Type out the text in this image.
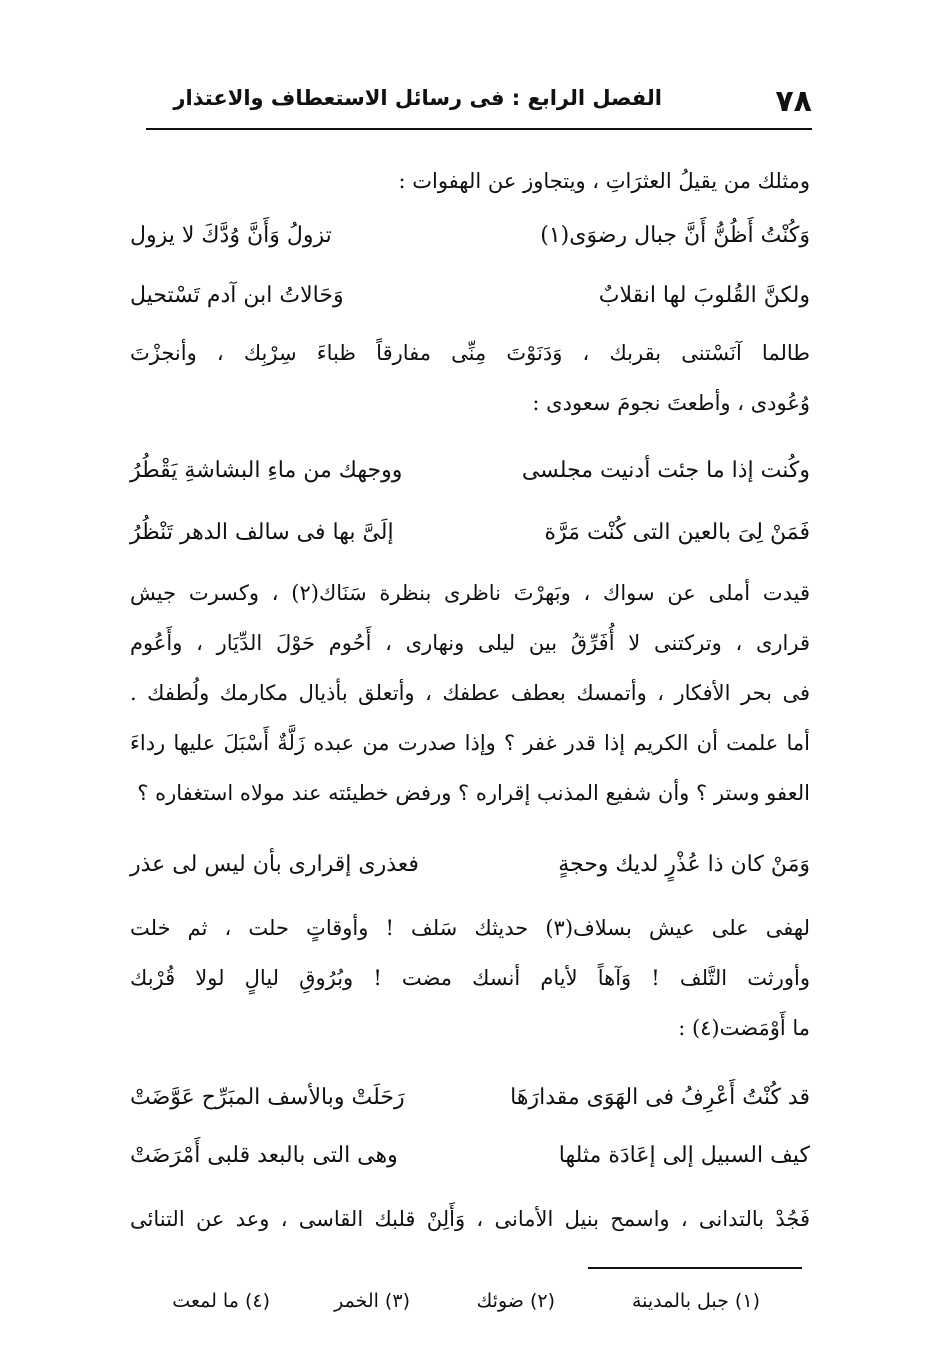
٧٨
الفصل الرابع : فى رسائل الاستعطاف والاعتذار
ومثلك من يقيلُ العثرَاتِ ، ويتجاوز عن الهفوات :
وَكُنْتُ أَظُنُّ أَنَّ جبال رضوَى(١)
تزولُ وَأَنَّ وُدَّكَ لا يزول
ولكنَّ القُلوبَ لها انقلابٌ
وَحَالاتُ ابن آدم تَسْتحيل
طالما آنَسْتنى بقربك ، وَدَنَوْتَ مِنِّى مفارقاً ظباءَ سِرْبِك ، وأنجزْتَ
وُعُودى ، وأطعتَ نجومَ سعودى :
وكُنت إذا ما جئت أدنيت مجلسى
ووجهك من ماءِ البشاشةِ يَقْطُرُ
فَمَنْ لِىَ بالعين التى كُنْت مَرَّة
إلَىَّ بها فى سالف الدهر تَنْظُرُ
قيدت أملى عن سواك ، وبَهرْتَ ناظرى بنظرة سَنَاك(٢) ، وكسرت جيش
قرارى ، وتركتنى لا أُفَرِّقُ بين ليلى ونهارى ، أَحُوم حَوْلَ الدِّيَار ، وأَعُوم
فى بحر الأفكار ، وأتمسك بعطف عطفك ، وأتعلق بأذيال مكارمك ولُطفك .
أما علمت أن الكريم إذا قدر غفر ؟ وإذا صدرت من عبده زَلَّةٌ أَسْبَلَ عليها رداءَ
العفو وستر ؟ وأن شفيع المذنب إقراره ؟ ورفض خطيئته عند مولاه استغفاره ؟
وَمَنْ كان ذا عُذْرٍ لديك وحجةٍ
فعذرى إقرارى بأن ليس لى عذر
لهفى على عيش بسلاف(٣) حديثك سَلف ! وأوقاتٍ حلت ، ثم خلت
وأورثت التَّلف ! وَآهاً لأيام أنسك مضت ! وبُرُوقِ ليالٍ لولا قُرْبك
ما أَوْمَضت(٤) :
قد كُنْتُ أَعْرِفُ فى الهَوَى مقدارَهَا
رَحَلَتْ وبالأسف المبَرِّح عَوَّضَتْ
كيف السبيل إلى إعَادَة مثلها
وهى التى بالبعد قلبى أَمْرَضَتْ
فَجُدْ بالتدانى ، واسمح بنيل الأمانى ، وَأَلِنْ قلبك القاسى ، وعد عن التنائى
(١) جبل بالمدينة
(٢) ضوئك
(٣) الخمر
(٤) ما لمعت
